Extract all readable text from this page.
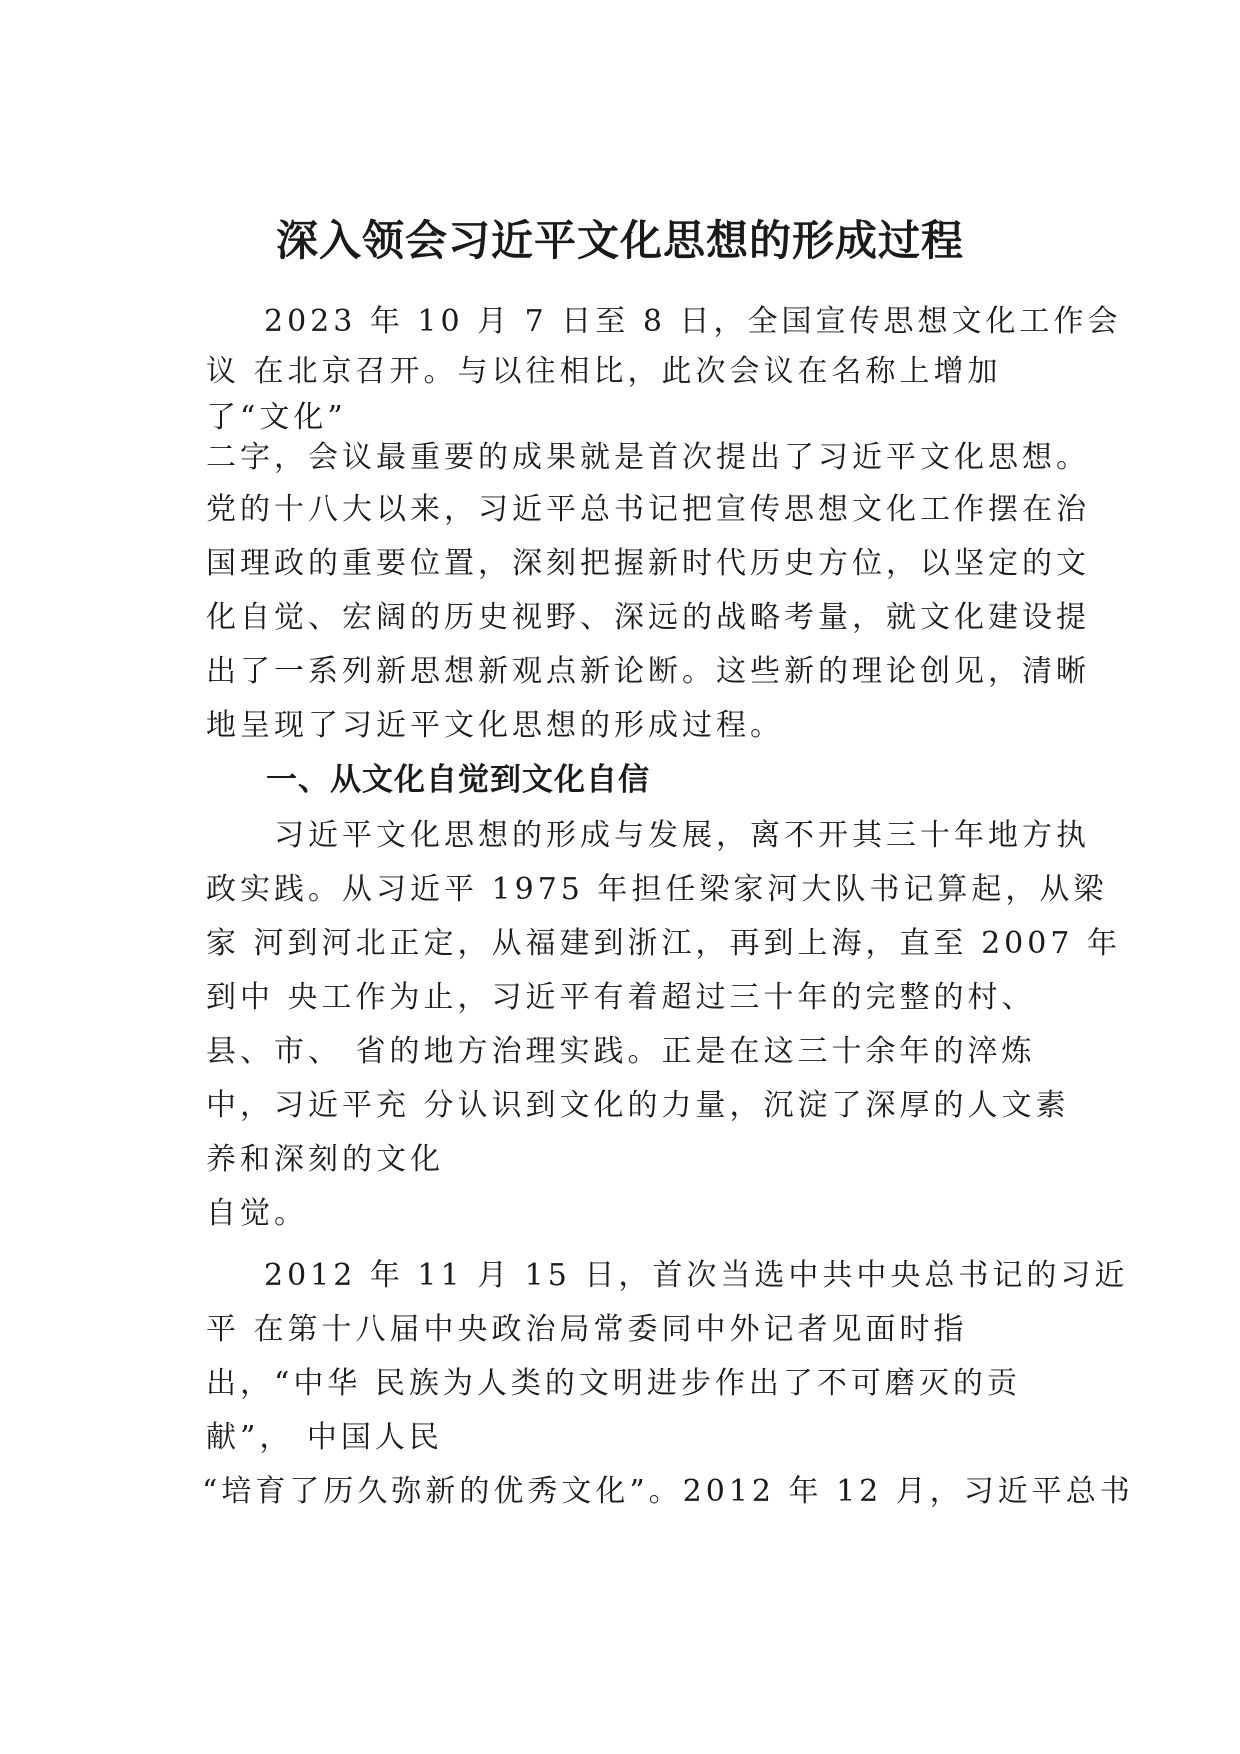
深入领会习近平文化思想的形成过程
2023 年 10 月 7 日至 8 日，全国宣传思想文化工作会
议 在北京召开。与以往相比，此次会议在名称上增加
了“文化”
二字，会议最重要的成果就是首次提出了习近平文化思想。
党的十八大以来，习近平总书记把宣传思想文化工作摆在治
国理政的重要位置，深刻把握新时代历史方位，以坚定的文
化自觉、宏阔的历史视野、深远的战略考量，就文化建设提
出了一系列新思想新观点新论断。这些新的理论创见，清晰
地呈现了习近平文化思想的形成过程。
一、从文化自觉到文化自信
习近平文化思想的形成与发展，离不开其三十年地方执
政实践。从习近平 1975 年担任梁家河大队书记算起，从梁
家 河到河北正定，从福建到浙江，再到上海，直至 2007 年
到中 央工作为止，习近平有着超过三十年的完整的村、
县、市、 省的地方治理实践。正是在这三十余年的淬炼
中，习近平充 分认识到文化的力量，沉淀了深厚的人文素
养和深刻的文化
自觉。
2012 年 11 月 15 日，首次当选中共中央总书记的习近
平 在第十八届中央政治局常委同中外记者见面时指
出，“中华 民族为人类的文明进步作出了不可磨灭的贡
献”， 中国人民
“培育了历久弥新的优秀文化”。2012 年 12 月，习近平总书
